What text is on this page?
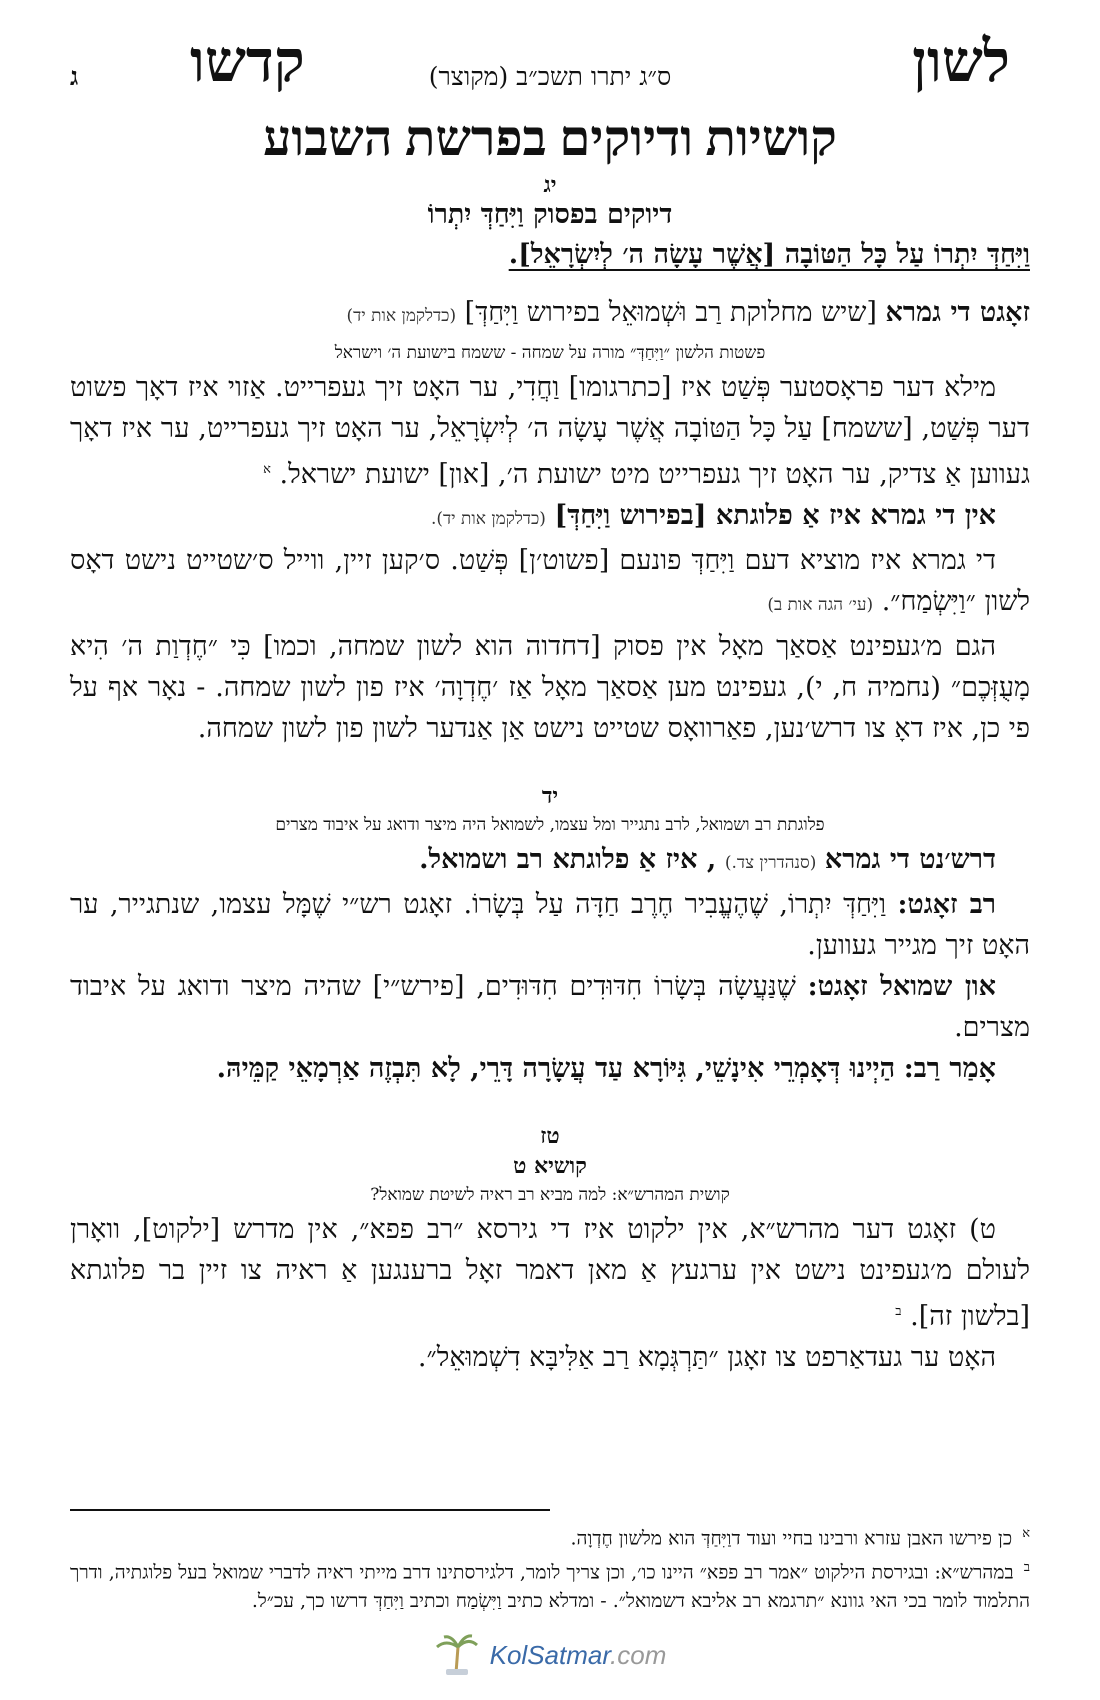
לשון
ס״ג יתרו תשכ״ב (מקוצר)
קדשו
ג
קושיות ודיוקים בפרשת השבוע
יג
דיוקים בפסוק וַיִּחַדְּ יִתְרוֹ
וַיִּחַדְּ יִתְרוֹ עַל כָּל הַטּוֹבָה [אֲשֶׁר עָשָׂה ה׳ לְיִשְׂרָאֵל].

זאָגט די גמרא [שיש מחלוקת רַב וּשְׁמוּאֵל בפירוש וַיִּחַדְּ] (כדלקמן אות יד)

פשטות הלשון ״וַיִּחַדְּ״ מורה על שמחה - ששמח בישועת ה׳ וישראל

מילא דער פראָסטער פְּשַׁט איז [כתרגומו] וַחֲדִי, ער האָט זיך געפרייט. אַזוי איז דאָך פשוט דער פְּשַׁט, [ששמח] עַל כָּל הַטּוֹבָה אֲשֶׁר עָשָׂה ה׳ לְיִשְׂרָאֵל, ער האָט זיך געפרייט, ער איז דאָך געווען אַ צדיק, ער האָט זיך געפרייט מיט ישועת ה׳, [און] ישועת ישראל. $^א$

אין די גמרא איז אַ פלוגתא [בפירוש וַיִּחַדְּ] (כדלקמן אות יד).

די גמרא איז מוציא דעם וַיִּחַדְּ פונעם [פשוט׳ן] פְּשַׁט. ס׳קען זיין, ווייל ס׳שטייט נישט דאָס לשון ״וַיִּשְׂמַח״. (עי׳ הגה אות ב)

הגם מ׳געפינט אַסאַך מאָל אין פסוק [דחדוה הוא לשון שמחה, וכמו] כִּי ״חֶדְוַת ה׳ הִיא מָעֻזְּכֶם״ (נחמיה ח, י), געפינט מען אַסאַך מאָל אַז ׳חֶדְוָה׳ איז פון לשון שמחה. - נאָר אף על פי כן, איז דאָ צו דרש׳נען, פאַרוואָס שטייט נישט אַן אַנדער לשון פון לשון שמחה.

יד
פלוגתת רב ושמואל, לרב נתגייר ומל עצמו, לשמואל היה מיצר ודואג על איבוד מצרים

דרש׳נט די גמרא (סנהדרין צד.) , איז אַ פלוגתא רב ושמואל.

רב זאָגט: וַיִּחַדְּ יִתְרוֹ, שֶׁהֶעֱבִיר חֶרֶב חַדָּה עַל בְּשָׂרוֹ. זאָגט רש״י שֶׁמָּל עצמו, שנתגייר, ער האָט זיך מגייר געווען.

און שמואל זאָגט: שֶׁנַּעֲשָׂה בְּשָׂרוֹ חִדּוּדִים חִדּוּדִים, [פירש״י] שהיה מיצר ודואג על איבוד מצרים.

אָמַר רַב: הַיְינוּ דְּאָמְרֵי אִינָשֵׁי, גִּיּוֹרָא עַד עֲשָׂרָה דָּרֵי, לָא תִּבְזֶה אַרְמָאֵי קַמֵּיהּ.

טז
קושיא ט
קושית המהרש״א: למה מביא רב ראיה לשיטת שמואל?

ט) זאָגט דער מהרש״א, אין ילקוט איז די גירסא ״רב פפא״, אין מדרש [ילקוט], וואָרן לעולם מ׳געפינט נישט אין ערגעץ אַ מאן דאמר זאָל ברענגען אַ ראיה צו זיין בר פלוגתא [בלשון זה]. $^ב$

האָט ער געדאַרפט צו זאָגן ״תַּרְגְּמָא רַב אַלִּיבָּא דִשְׁמוּאֵל״.

$^א$ כן פירשו האבן עזרא ורבינו בחיי ועוד דוַיִּחַדְּ הוא מלשון חֶדְוָה.
$^ב$ במהרש״א: ובגירסת הילקוט ״אמר רב פפא״ היינו כו׳, וכן צריך לומר, דלגירסתינו דרב מייתי ראיה לדברי שמואל בעל פלוגתיה, ודרך התלמוד לומר בכי האי גוונא ״תרגמא רב אליבא דשמואל״. - ומדלא כתיב וַיִּשְׂמַח וכתיב וַיִּחַדְּ דרשו כך, עכ״ל.
KolSatmar.com
